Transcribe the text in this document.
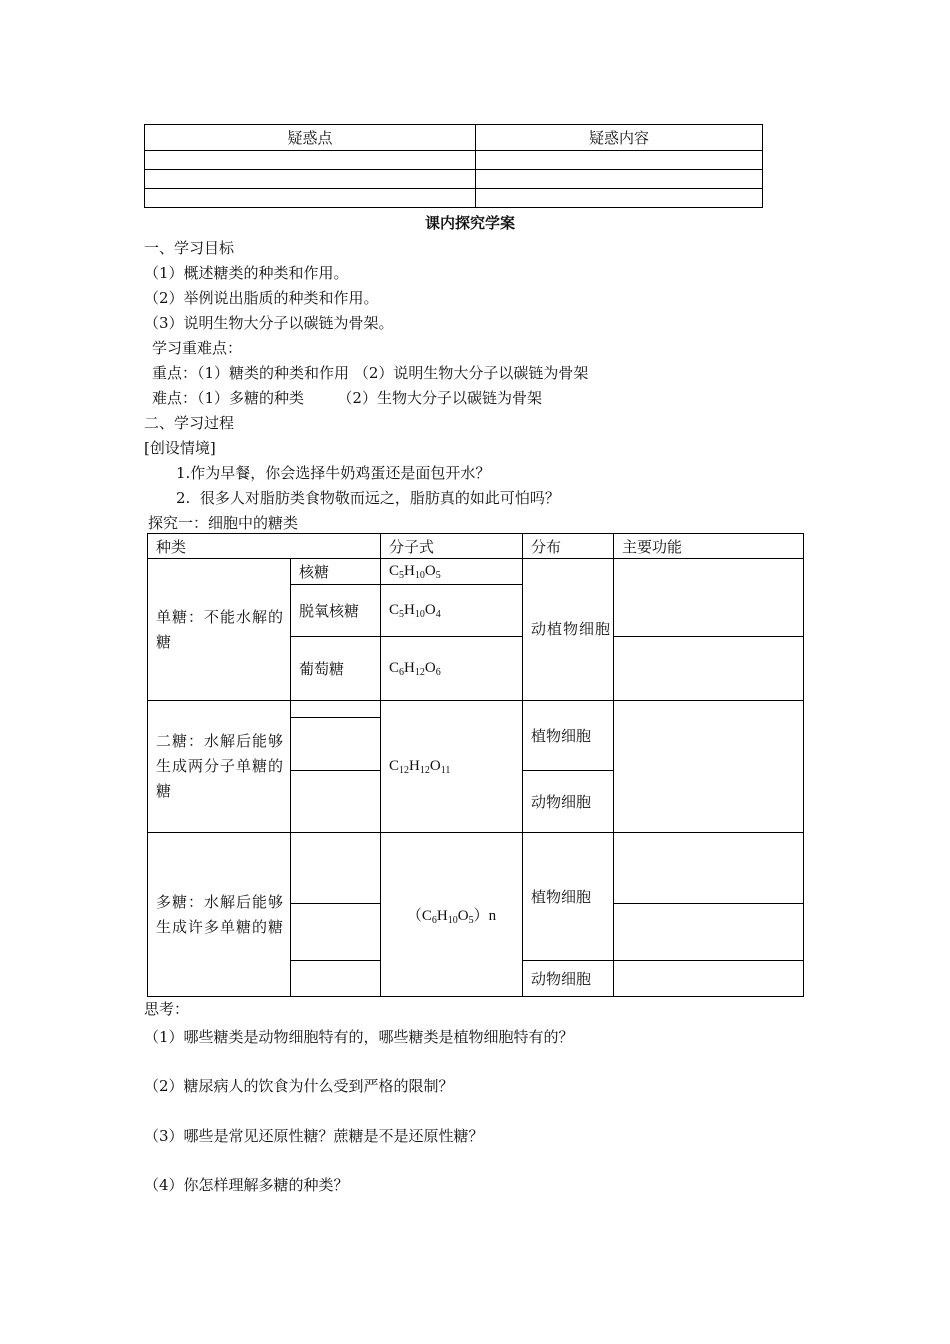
疑惑点	疑惑内容

课内探究学案
一、学习目标
（1）概述糖类的种类和作用。
（2）举例说出脂质的种类和作用。
（3）说明生物大分子以碳链为骨架。
学习重难点：
重点：（1）糖类的种类和作用 （2）说明生物大分子以碳链为骨架
难点：（1）多糖的种类       （2）生物大分子以碳链为骨架
二、学习过程
[创设情境]
1.作为早餐，你会选择牛奶鸡蛋还是面包开水？
2.  很多人对脂肪类食物敬而远之，脂肪真的如此可怕吗？
探究一：细胞中的糖类
种类		分子式	分布	主要功能
单糖：不能水解的糖	核糖	$C_5H_{10}O_5$	动植物细胞	
	脱氧核糖	$C_5H_{10}O_4$
	葡萄糖	$C_6H_{12}O_6$	
二糖：水解后能够生成两分子单糖的糖		$C_{12}H_{12}O_{11}$	植物细胞	

			动物细胞	
多糖：水解后能够生成许多单糖的糖		$(C_6H_{10}O_5)n$	植物细胞	

			动物细胞	
思考：
（1）哪些糖类是动物细胞特有的，哪些糖类是植物细胞特有的？
（2）糖尿病人的饮食为什么受到严格的限制？
（3）哪些是常见还原性糖？蔗糖是不是还原性糖？
（4）你怎样理解多糖的种类？
